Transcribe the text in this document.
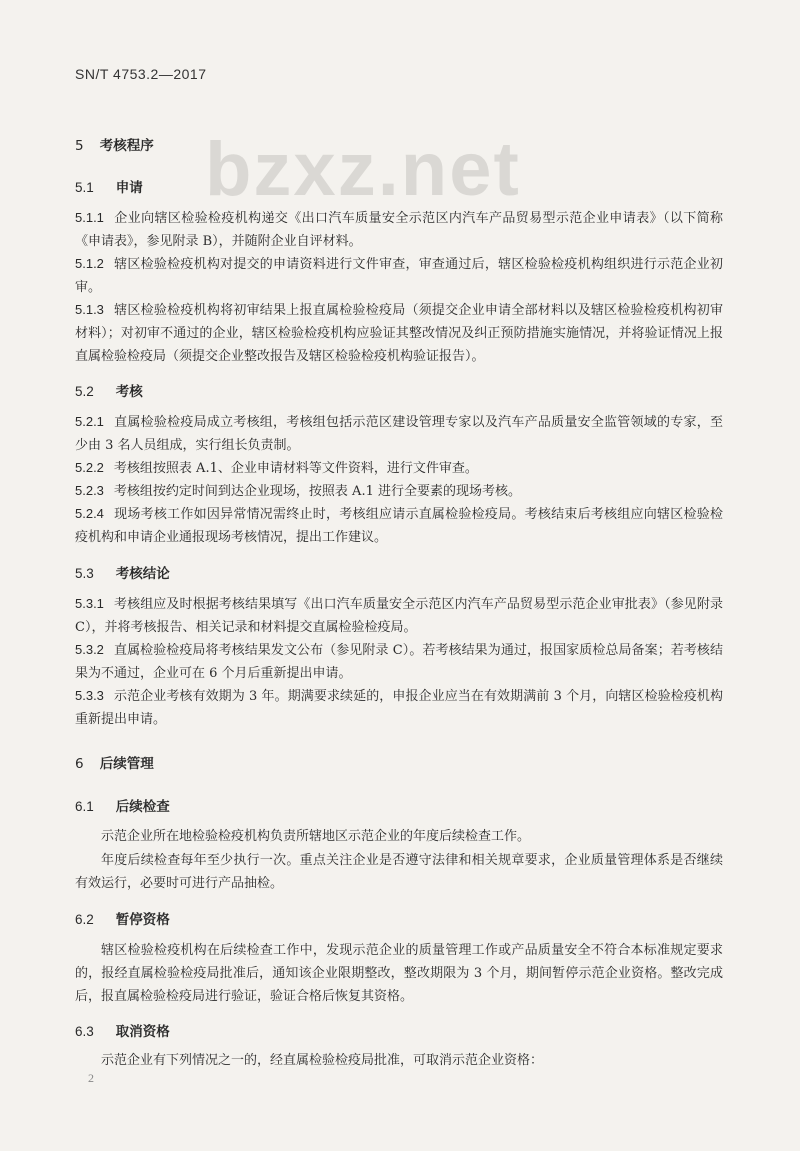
SN/T 4753.2—2017
bzxz.net
5 考核程序
5.1 申请
5.1.1 企业向辖区检验检疫机构递交《出口汽车质量安全示范区内汽车产品贸易型示范企业申请表》（以下简称《申请表》，参见附录 B），并随附企业自评材料。
5.1.2 辖区检验检疫机构对提交的申请资料进行文件审查，审查通过后，辖区检验检疫机构组织进行示范企业初审。
5.1.3 辖区检验检疫机构将初审结果上报直属检验检疫局（须提交企业申请全部材料以及辖区检验检疫机构初审材料）；对初审不通过的企业，辖区检验检疫机构应验证其整改情况及纠正预防措施实施情况，并将验证情况上报直属检验检疫局（须提交企业整改报告及辖区检验检疫机构验证报告）。
5.2 考核
5.2.1 直属检验检疫局成立考核组，考核组包括示范区建设管理专家以及汽车产品质量安全监管领域的专家，至少由 3 名人员组成，实行组长负责制。
5.2.2 考核组按照表 A.1、企业申请材料等文件资料，进行文件审查。
5.2.3 考核组按约定时间到达企业现场，按照表 A.1 进行全要素的现场考核。
5.2.4 现场考核工作如因异常情况需终止时，考核组应请示直属检验检疫局。考核结束后考核组应向辖区检验检疫机构和申请企业通报现场考核情况，提出工作建议。
5.3 考核结论
5.3.1 考核组应及时根据考核结果填写《出口汽车质量安全示范区内汽车产品贸易型示范企业审批表》（参见附录 C），并将考核报告、相关记录和材料提交直属检验检疫局。
5.3.2 直属检验检疫局将考核结果发文公布（参见附录 C）。若考核结果为通过，报国家质检总局备案；若考核结果为不通过，企业可在 6 个月后重新提出申请。
5.3.3 示范企业考核有效期为 3 年。期满要求续延的，申报企业应当在有效期满前 3 个月，向辖区检验检疫机构重新提出申请。
6 后续管理
6.1 后续检查
示范企业所在地检验检疫机构负责所辖地区示范企业的年度后续检查工作。
年度后续检查每年至少执行一次。重点关注企业是否遵守法律和相关规章要求，企业质量管理体系是否继续有效运行，必要时可进行产品抽检。
6.2 暂停资格
辖区检验检疫机构在后续检查工作中，发现示范企业的质量管理工作或产品质量安全不符合本标准规定要求的，报经直属检验检疫局批准后，通知该企业限期整改，整改期限为 3 个月，期间暂停示范企业资格。整改完成后，报直属检验检疫局进行验证，验证合格后恢复其资格。
6.3 取消资格
示范企业有下列情况之一的，经直属检验检疫局批准，可取消示范企业资格：
2
